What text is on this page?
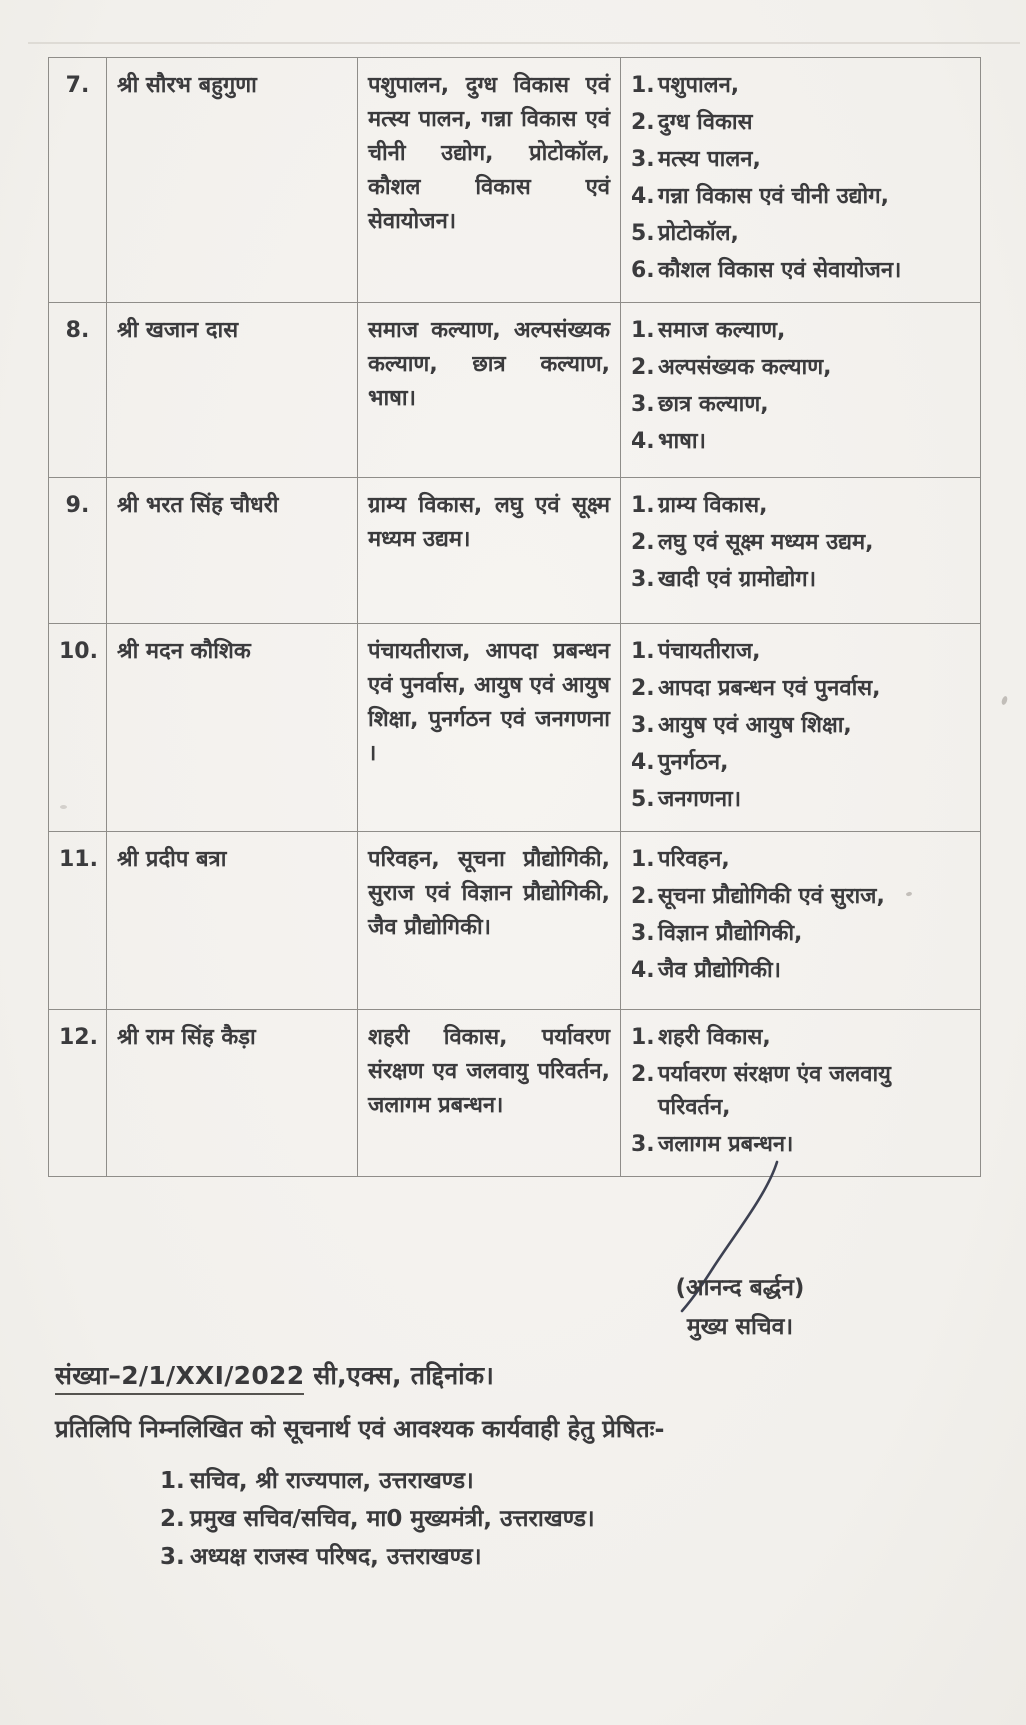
7.	श्री सौरभ बहुगुणा	पशुपालन, दुग्ध विकास एवं मत्स्य पालन, गन्ना विकास एवं चीनी उद्योग, प्रोटोकॉल, कौशल विकास एवं सेवायोजन।	
1. पशुपालन,
2. दुग्ध विकास
3. मत्स्य पालन,
4. गन्ना विकास एवं चीनी उद्योग,
5. प्रोटोकॉल,
6. कौशल विकास एवं सेवायोजन।

8.	श्री खजान दास	समाज कल्याण, अल्पसंख्यक कल्याण, छात्र कल्याण, भाषा।	
1. समाज कल्याण,
2. अल्पसंख्यक कल्याण,
3. छात्र कल्याण,
4. भाषा।

9.	श्री भरत सिंह चौधरी	ग्राम्य विकास, लघु एवं सूक्ष्म मध्यम उद्यम।	
1. ग्राम्य विकास,
2. लघु एवं सूक्ष्म मध्यम उद्यम,
3. खादी एवं ग्रामोद्योग।

10.	श्री मदन कौशिक	पंचायतीराज, आपदा प्रबन्धन एवं पुनर्वास, आयुष एवं आयुष शिक्षा, पुनर्गठन एवं जनगणना ।	
1. पंचायतीराज,
2. आपदा प्रबन्धन एवं पुनर्वास,
3. आयुष एवं आयुष शिक्षा,
4. पुनर्गठन,
5. जनगणना।

11.	श्री प्रदीप बत्रा	परिवहन, सूचना प्रौद्योगिकी, सुराज एवं विज्ञान प्रौद्योगिकी, जैव प्रौद्योगिकी।	
1. परिवहन,
2. सूचना प्रौद्योगिकी एवं सुराज,
3. विज्ञान प्रौद्योगिकी,
4. जैव प्रौद्योगिकी।

12.	श्री राम सिंह कैड़ा	शहरी विकास, पर्यावरण संरक्षण एव जलवायु परिवर्तन, जलागम प्रबन्धन।	
1. शहरी विकास,
2. पर्यावरण संरक्षण एंव जलवायु परिवर्तन,
3. जलागम प्रबन्धन।
(आनन्द बर्द्धन)
मुख्य सचिव।
संख्या–2/1/XXI/2022 सी,एक्स, तद्दिनांक।
प्रतिलिपि निम्नलिखित को सूचनार्थ एवं आवश्यक कार्यवाही हेतु प्रेषितः-
1. सचिव, श्री राज्यपाल, उत्तराखण्ड।
2. प्रमुख सचिव/सचिव, मा0 मुख्यमंत्री, उत्तराखण्ड।
3. अध्यक्ष राजस्व परिषद, उत्तराखण्ड।
